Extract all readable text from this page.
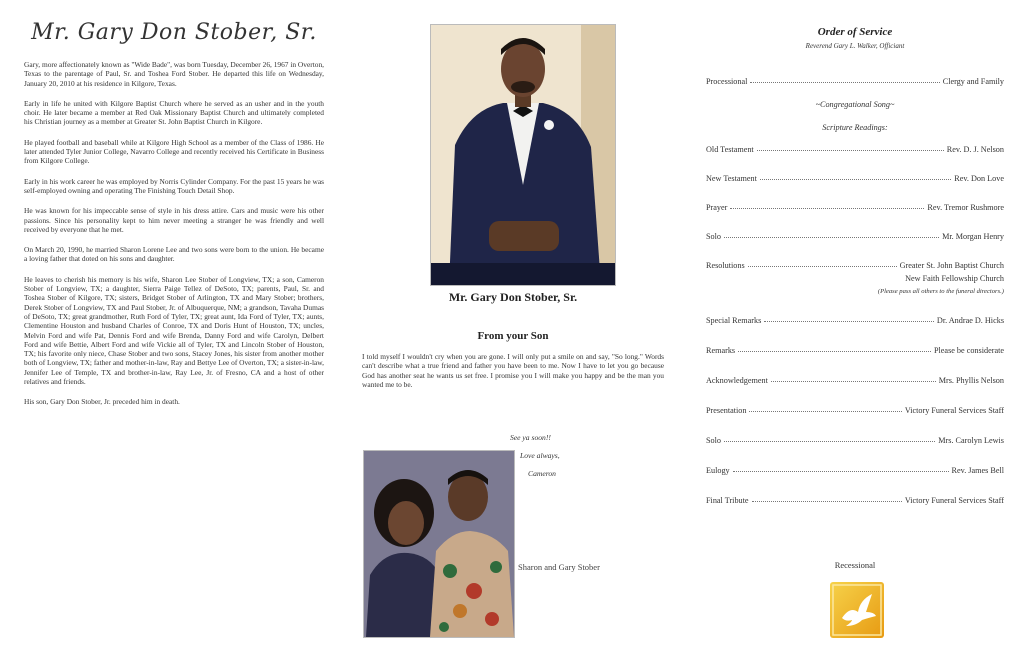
Mr. Gary Don Stober, Sr.

Gary, more affectionately known as "Wide Bade", was born Tuesday, December 26, 1967 in Overton, Texas to the parentage of Paul, Sr. and Toshea Ford Stober. He departed this life on Wednesday, January 20, 2010 at his residence in Kilgore, Texas.

Early in life he united with Kilgore Baptist Church where he served as an usher and in the youth choir. He later became a member at Red Oak Missionary Baptist Church and ultimately completed his Christian journey as a member at Greater St. John Baptist Church in Kilgore.

He played football and baseball while at Kilgore High School as a member of the Class of 1986. He later attended Tyler Junior College, Navarro College and recently received his Certificate in Business from Kilgore College.

Early in his work career he was employed by Norris Cylinder Company. For the past 15 years he was self-employed owning and operating The Finishing Touch Detail Shop.

He was known for his impeccable sense of style in his dress attire. Cars and music were his other passions. Since his personality kept to him never meeting a stranger he was friendly and well received by everyone that he met.

On March 20, 1990, he married Sharon Lorene Lee and two sons were born to the union. He became a loving father that doted on his sons and daughter.

He leaves to cherish his memory is his wife, Sharon Lee Stober of Longview, TX; a son, Cameron Stober of Longview, TX; a daughter, Sierra Paige Tellez of DeSoto, TX; parents, Paul, Sr. and Toshea Stober of Kilgore, TX; sisters, Bridget Stober of Arlington, TX and Mary Stober; brothers, Derek Stober of Longview, TX and Paul Stober, Jr. of Albuquerque, NM; a grandson, Tavaha Dumas of DeSoto, TX; great grandmother, Ruth Ford of Tyler, TX; great aunt, Ida Ford of Tyler, TX; aunts, Clementine Houston and husband Charles of Conroe, TX and Doris Hunt of Houston, TX; uncles, Melvin Ford and wife Pat, Dennis Ford and wife Brenda, Danny Ford and wife Carolyn, Delbert Ford and wife Bettie, Albert Ford and wife Vickie all of Tyler, TX and Lincoln Stober of Houston, TX; his favorite only niece, Chase Stober and two sons, Stacey Jones, his sister from another mother both of Longview, TX; father and mother-in-law, Ray and Bettye Lee of Overton, TX; a sister-in-law, Jennifer Lee of Temple, TX and brother-in-law, Ray Lee, Jr. of Fresno, CA and a host of other relatives and friends.

His son, Gary Don Stober, Jr. preceded him in death.

Mr. Gary Don Stober, Sr.
From your Son
I told myself I wouldn't cry when you are gone. I will only put a smile on and say, "So long." Words can't describe what a true friend and father you have been to me. Now I have to let you go because God has another seat he wants us set free. I promise you I will make you happy and be the man you wanted me to be.
See ya soon!!
Love always,
Cameron
Sharon and Gary Stober
Order of Service
Reverend Gary L. Walker, Officiant
Processional	Clergy and Family
~Congregational Song~
Scripture Readings:
Old Testament	Rev. D. J. Nelson
New Testament	Rev. Don Love
Prayer	Rev. Tremor Rushmore
Solo	Mr. Morgan Henry
Resolutions	Greater St. John Baptist Church
New Faith Fellowship Church
(Please pass all others to the funeral directors.)
Special Remarks	Dr. Andrae D. Hicks
Remarks	Please be considerate
Acknowledgement	Mrs. Phyllis Nelson
Presentation	Victory Funeral Services Staff
Solo	Mrs. Carolyn Lewis
Eulogy	Rev. James Bell
Final Tribute	Victory Funeral Services Staff
Recessional
